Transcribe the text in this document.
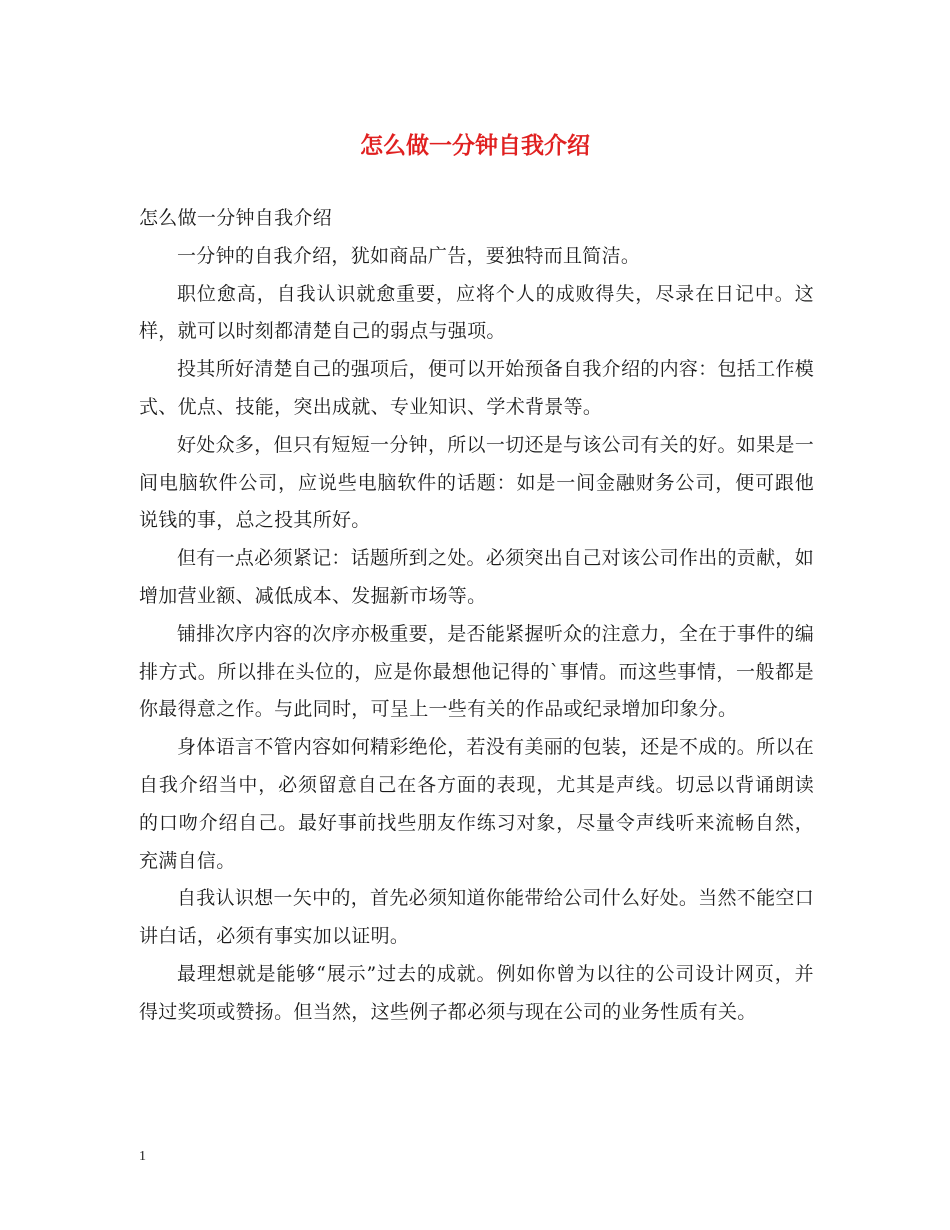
怎么做一分钟自我介绍

怎么做一分钟自我介绍

一分钟的自我介绍，犹如商品广告，要独特而且简洁。

职位愈高，自我认识就愈重要，应将个人的成败得失，尽录在日记中。这样，就可以时刻都清楚自己的弱点与强项。

投其所好清楚自己的强项后，便可以开始预备自我介绍的内容：包括工作模式、优点、技能，突出成就、专业知识、学术背景等。

好处众多，但只有短短一分钟，所以一切还是与该公司有关的好。如果是一间电脑软件公司，应说些电脑软件的话题：如是一间金融财务公司，便可跟他说钱的事，总之投其所好。

但有一点必须紧记：话题所到之处。必须突出自己对该公司作出的贡献，如增加营业额、减低成本、发掘新市场等。

铺排次序内容的次序亦极重要，是否能紧握听众的注意力，全在于事件的编排方式。所以排在头位的，应是你最想他记得的`事情。而这些事情，一般都是你最得意之作。与此同时，可呈上一些有关的作品或纪录增加印象分。

身体语言不管内容如何精彩绝伦，若没有美丽的包装，还是不成的。所以在自我介绍当中，必须留意自己在各方面的表现，尤其是声线。切忌以背诵朗读的口吻介绍自己。最好事前找些朋友作练习对象，尽量令声线听来流畅自然，充满自信。

自我认识想一矢中的，首先必须知道你能带给公司什么好处。当然不能空口讲白话，必须有事实加以证明。

最理想就是能够“展示”过去的成就。例如你曾为以往的公司设计网页，并得过奖项或赞扬。但当然，这些例子都必须与现在公司的业务性质有关。

1
